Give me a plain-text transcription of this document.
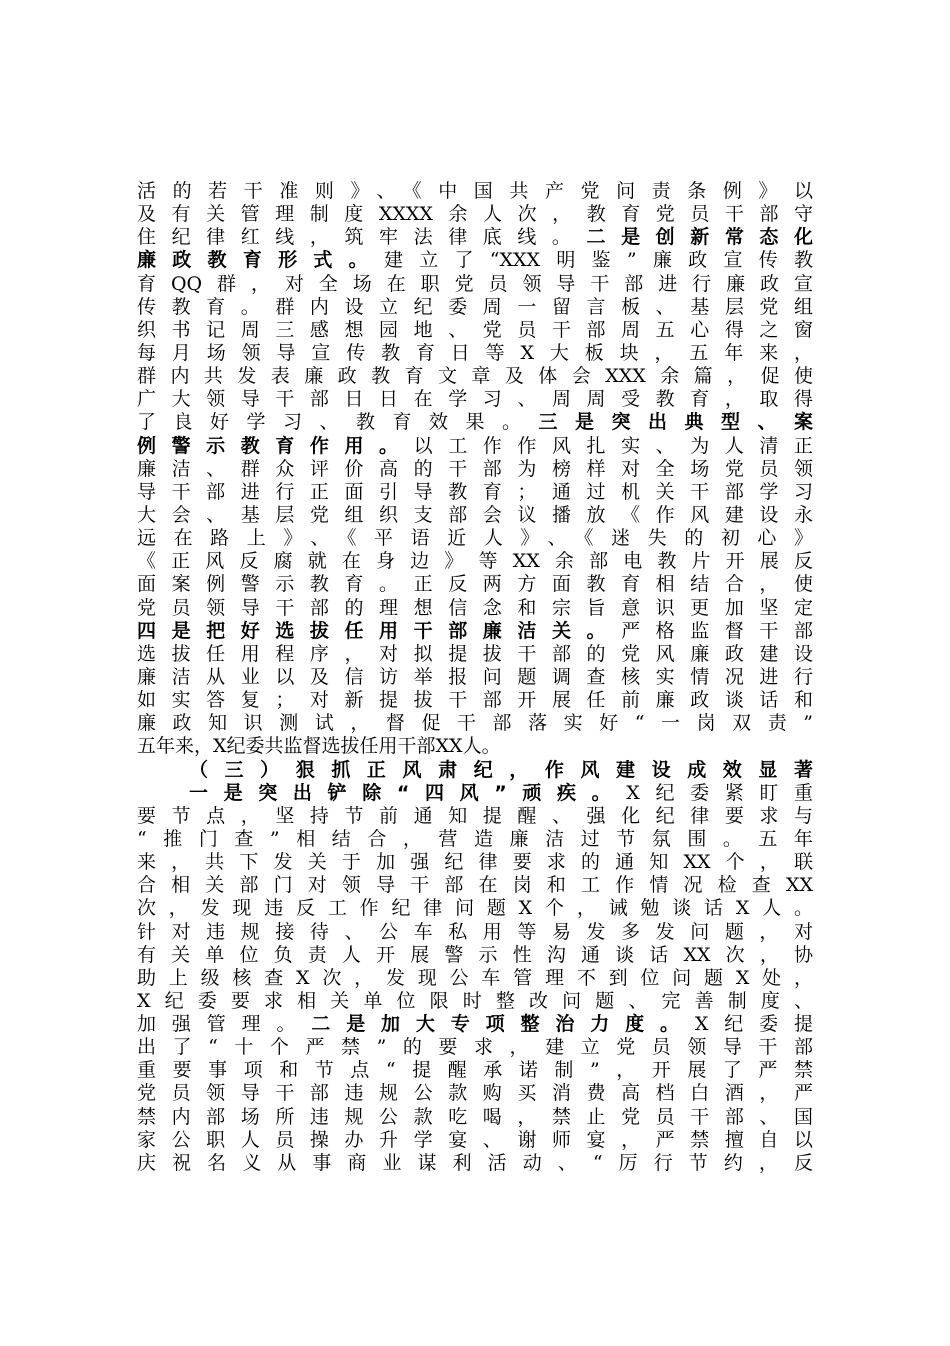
活的若干准则》、《中国共产党问责条例》以
及有关管理制度XXXX余人次，教育党员干部守
住纪律红线，筑牢法律底线。二是创新常态化
廉政教育形式。建立了“XXX明鉴”廉政宣传教
育QQ群，对全场在职党员领导干部进行廉政宣
传教育。群内设立纪委周一留言板、基层党组
织书记周三感想园地、党员干部周五心得之窗
每月场领导宣传教育日等X大板块，五年来，
群内共发表廉政教育文章及体会XXX余篇，促使
广大领导干部日日在学习、周周受教育，取得
了良好学习、教育效果。三是突出典型、案
例警示教育作用。以工作作风扎实、为人清正
廉洁、群众评价高的干部为榜样对全场党员领
导干部进行正面引导教育；通过机关干部学习
大会、基层党组织支部会议播放《作风建设永
远在路上》、《平语近人》、《迷失的初心》
《正风反腐就在身边》等XX余部电教片开展反
面案例警示教育。正反两方面教育相结合，使
党员领导干部的理想信念和宗旨意识更加坚定
四是把好选拔任用干部廉洁关。严格监督干部
选拔任用程序，对拟提拔干部的党风廉政建设
廉洁从业以及信访举报问题调查核实情况进行
如实答复；对新提拔干部开展任前廉政谈话和
廉政知识测试，督促干部落实好“一岗双责”
五年来，X纪委共监督选拔任用干部XX人。
（三）狠抓正风肃纪，作风建设成效显著
一是突出铲除“四风”顽疾。X纪委紧盯重
要节点，坚持节前通知提醒、强化纪律要求与
“推门查”相结合，营造廉洁过节氛围。五年
来，共下发关于加强纪律要求的通知XX个，联
合相关部门对领导干部在岗和工作情况检查XX
次，发现违反工作纪律问题X个，诫勉谈话X人。
针对违规接待、公车私用等易发多发问题，对
有关单位负责人开展警示性沟通谈话XX次，协
助上级核查X次，发现公车管理不到位问题X处，
X纪委要求相关单位限时整改问题、完善制度、
加强管理。二是加大专项整治力度。X纪委提
出了“十个严禁”的要求，建立党员领导干部
重要事项和节点“提醒承诺制”，开展了严禁
党员领导干部违规公款购买消费高档白酒，严
禁内部场所违规公款吃喝，禁止党员干部、国
家公职人员操办升学宴、谢师宴，严禁擅自以
庆祝名义从事商业谋利活动、“厉行节约，反
